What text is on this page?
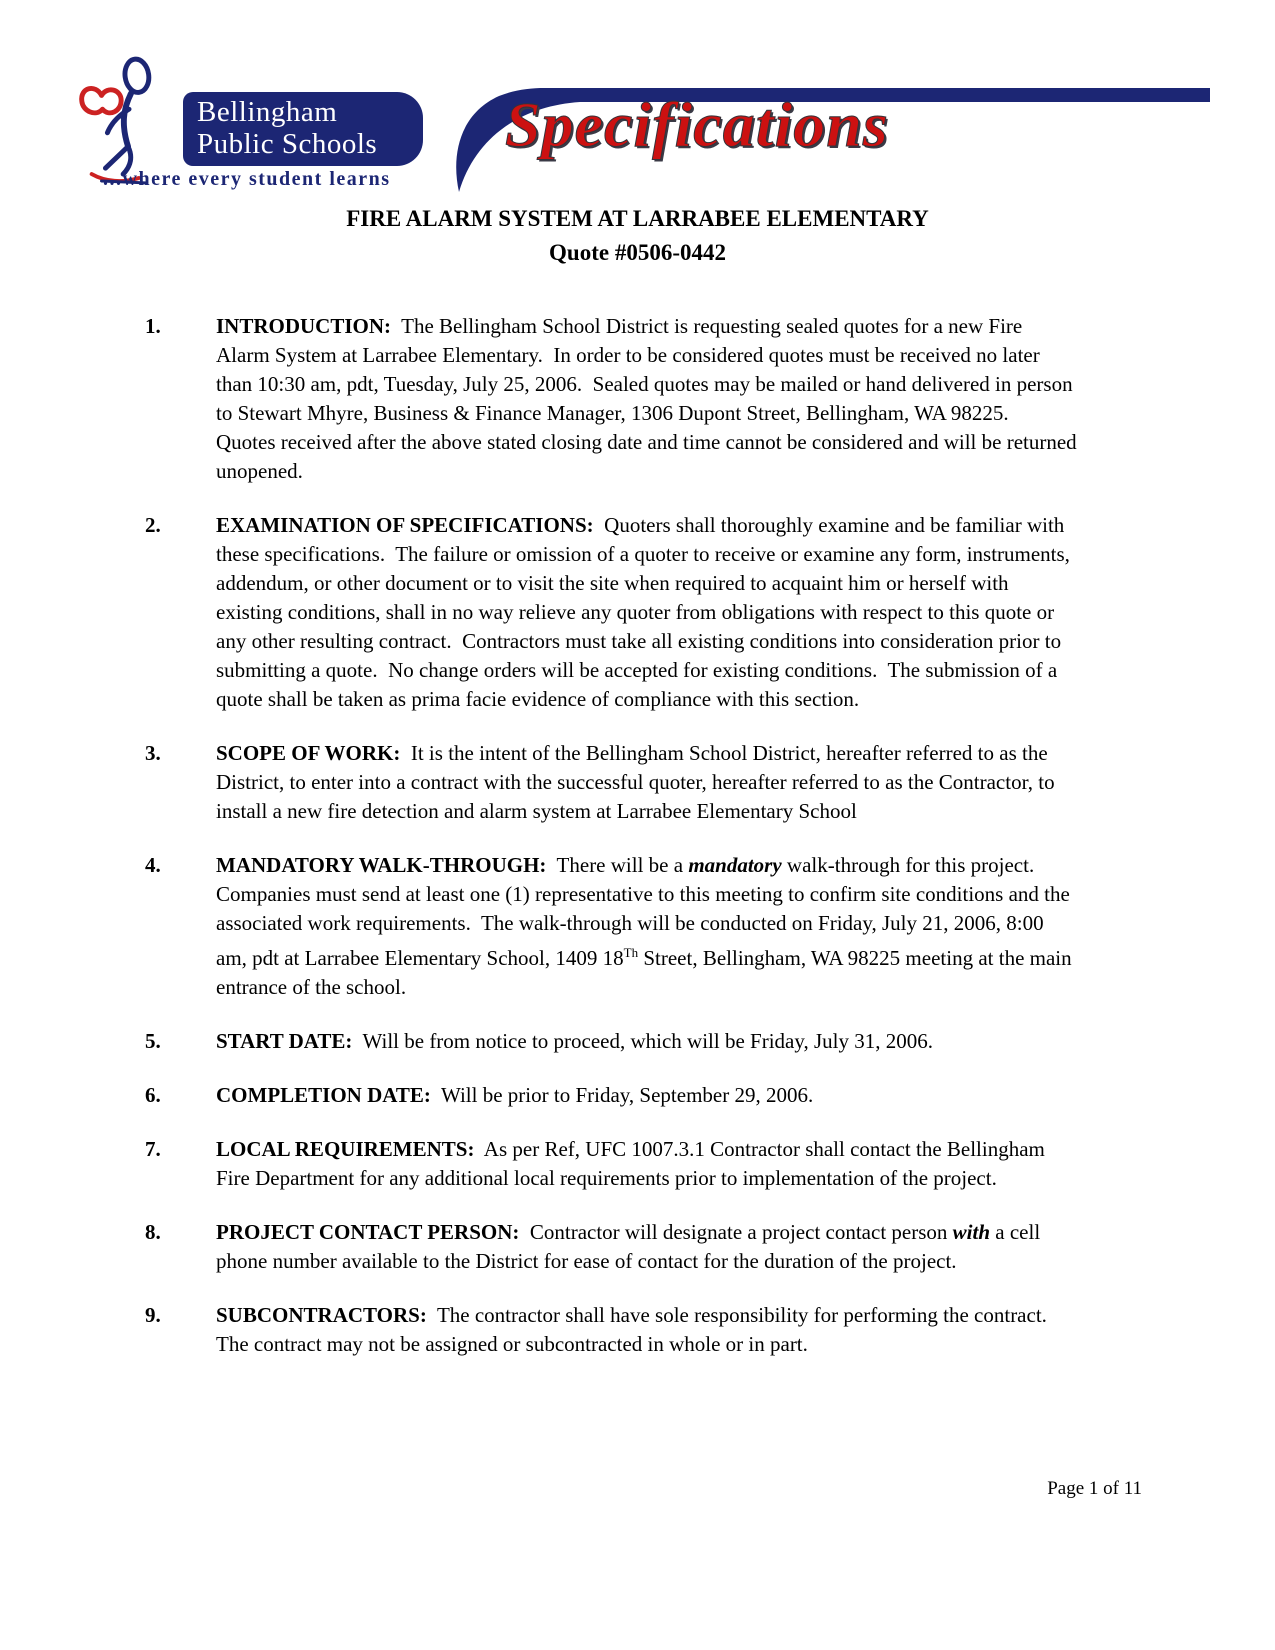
Bellingham
Public Schools
...where every student learns
Specifications
FIRE ALARM SYSTEM AT LARRABEE ELEMENTARY
Quote #0506-0442
1.	INTRODUCTION:  The Bellingham School District is requesting sealed quotes for a new Fire Alarm System at Larrabee Elementary.  In order to be considered quotes must be received no later than 10:30 am, pdt, Tuesday, July 25, 2006.  Sealed quotes may be mailed or hand delivered in person to Stewart Mhyre, Business & Finance Manager, 1306 Dupont Street, Bellingham, WA 98225.  Quotes received after the above stated closing date and time cannot be considered and will be returned unopened.
2.	EXAMINATION OF SPECIFICATIONS:  Quoters shall thoroughly examine and be familiar with these specifications.  The failure or omission of a quoter to receive or examine any form, instruments, addendum, or other document or to visit the site when required to acquaint him or herself with existing conditions, shall in no way relieve any quoter from obligations with respect to this quote or any other resulting contract.  Contractors must take all existing conditions into consideration prior to submitting a quote.  No change orders will be accepted for existing conditions.  The submission of a quote shall be taken as prima facie evidence of compliance with this section.
3.	SCOPE OF WORK:  It is the intent of the Bellingham School District, hereafter referred to as the District, to enter into a contract with the successful quoter, hereafter referred to as the Contractor, to install a new fire detection and alarm system at Larrabee Elementary School
4.	MANDATORY WALK-THROUGH:  There will be a mandatory walk-through for this project.  Companies must send at least one (1) representative to this meeting to confirm site conditions and the associated work requirements.  The walk-through will be conducted on Friday, July 21, 2006, 8:00 am, pdt at Larrabee Elementary School, 1409 18Th Street, Bellingham, WA 98225 meeting at the main entrance of the school.
5.	START DATE:  Will be from notice to proceed, which will be Friday, July 31, 2006.
6.	COMPLETION DATE:  Will be prior to Friday, September 29, 2006.
7.	LOCAL REQUIREMENTS:  As per Ref, UFC 1007.3.1 Contractor shall contact the Bellingham Fire Department for any additional local requirements prior to implementation of the project.
8.	PROJECT CONTACT PERSON:  Contractor will designate a project contact person with a cell phone number available to the District for ease of contact for the duration of the project.
9.	SUBCONTRACTORS:  The contractor shall have sole responsibility for performing the contract.  The contract may not be assigned or subcontracted in whole or in part.
Page 1 of 11
